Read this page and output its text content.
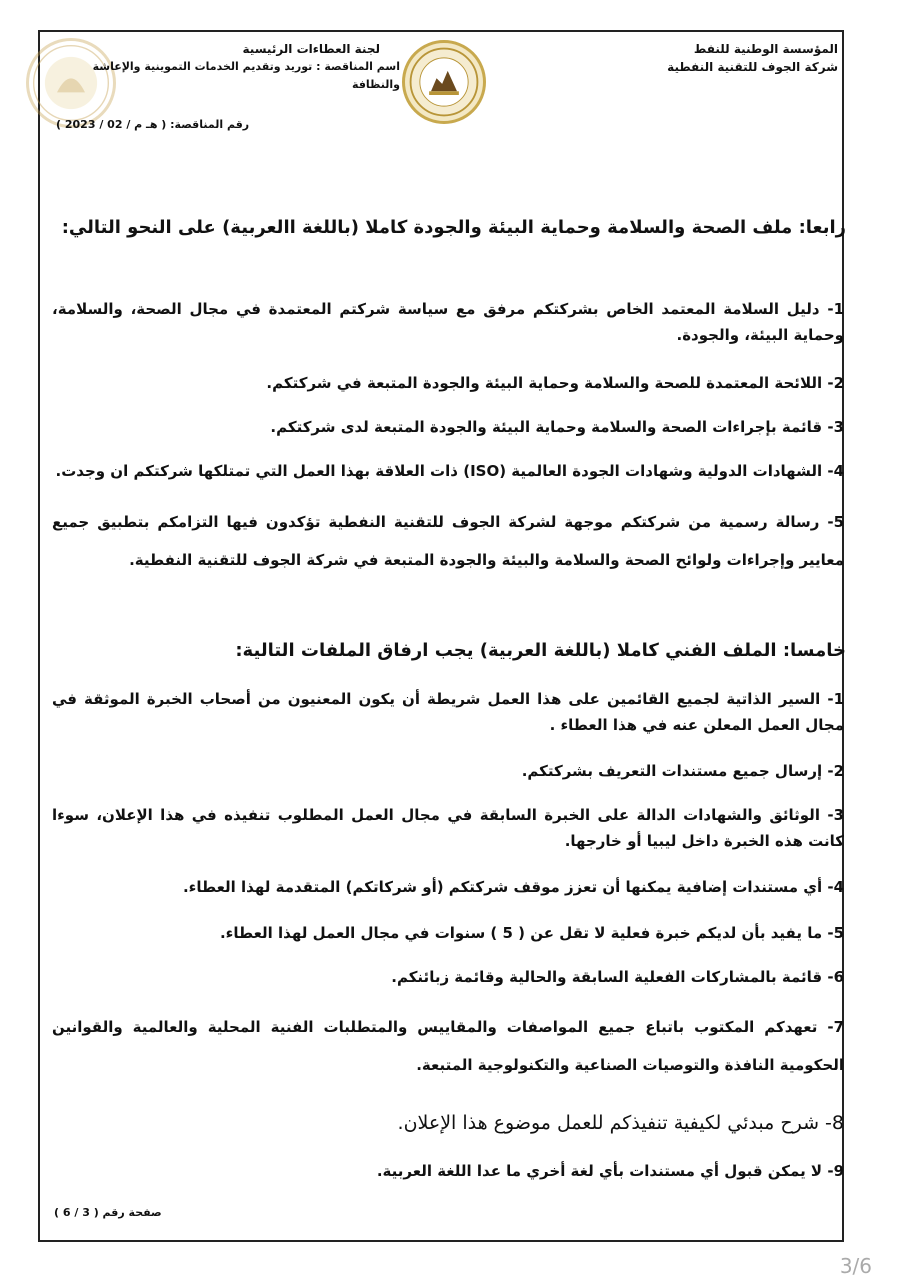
المؤسسة الوطنية للنفط
شركة الجوف للتقنية النفطية
لجنة العطاءات الرئيسية
اسم المناقصة : توريد وتقديم الخدمات التموينية والإعاشة والنظافة
رقم المناقصة: ( هـ م / 02 / 2023 )
رابعا: ملف الصحة والسلامة وحماية البيئة والجودة كاملا (باللغة االعربية) على النحو التالي:
1- دليل السلامة المعتمد الخاص بشركتكم مرفق مع سياسة شركتم المعتمدة في مجال الصحة، والسلامة، وحماية البيئة، والجودة.
2- اللائحة المعتمدة للصحة والسلامة وحماية البيئة والجودة المتبعة في شركتكم.
3- قائمة بإجراءات الصحة والسلامة وحماية البيئة والجودة المتبعة لدى شركتكم.
4- الشهادات الدولية وشهادات الجودة العالمية (ISO) ذات العلاقة بهذا العمل التي تمتلكها شركتكم ان وجدت.
5- رسالة رسمية من شركتكم موجهة لشركة الجوف للتقنية النفطية تؤكدون فيها التزامكم بتطبيق جميع معايير وإجراءات ولوائح الصحة والسلامة والبيئة والجودة المتبعة في شركة الجوف للتقنية النفطية.
خامسا: الملف الفني كاملا (باللغة العربية) يجب ارفاق الملفات التالية:
1- السير الذاتية لجميع القائمين على هذا العمل شريطة أن يكون المعنيون من أصحاب الخبرة الموثقة في مجال العمل المعلن عنه في هذا العطاء .
2- إرسال جميع مستندات التعريف بشركتكم.
3- الوثائق والشهادات الدالة على الخبرة السابقة في مجال العمل المطلوب تنفيذه في هذا الإعلان، سوءا كانت هذه الخبرة داخل ليبيا أو خارجها.
4- أي مستندات إضافية يمكنها أن تعزز موقف شركتكم (أو شركاتكم) المتقدمة لهذا العطاء.
5- ما يفيد بأن لديكم خبرة فعلية لا تقل عن ( 5 ) سنوات في مجال العمل لهذا العطاء.
6- قائمة بالمشاركات الفعلية السابقة والحالية وقائمة زبائنكم.
7- تعهدكم المكتوب باتباع جميع المواصفات والمقاييس والمتطلبات الفنية المحلية والعالمية والقوانين الحكومية النافذة والتوصيات الصناعية والتكنولوجية المتبعة.
8- شرح مبدئي لكيفية تنفيذكم للعمل موضوع هذا الإعلان.
9- لا يمكن قبول أي مستندات بأي لغة أخري ما عدا اللغة العربية.
صفحة رقم ( 3 / 6 )
3/6
